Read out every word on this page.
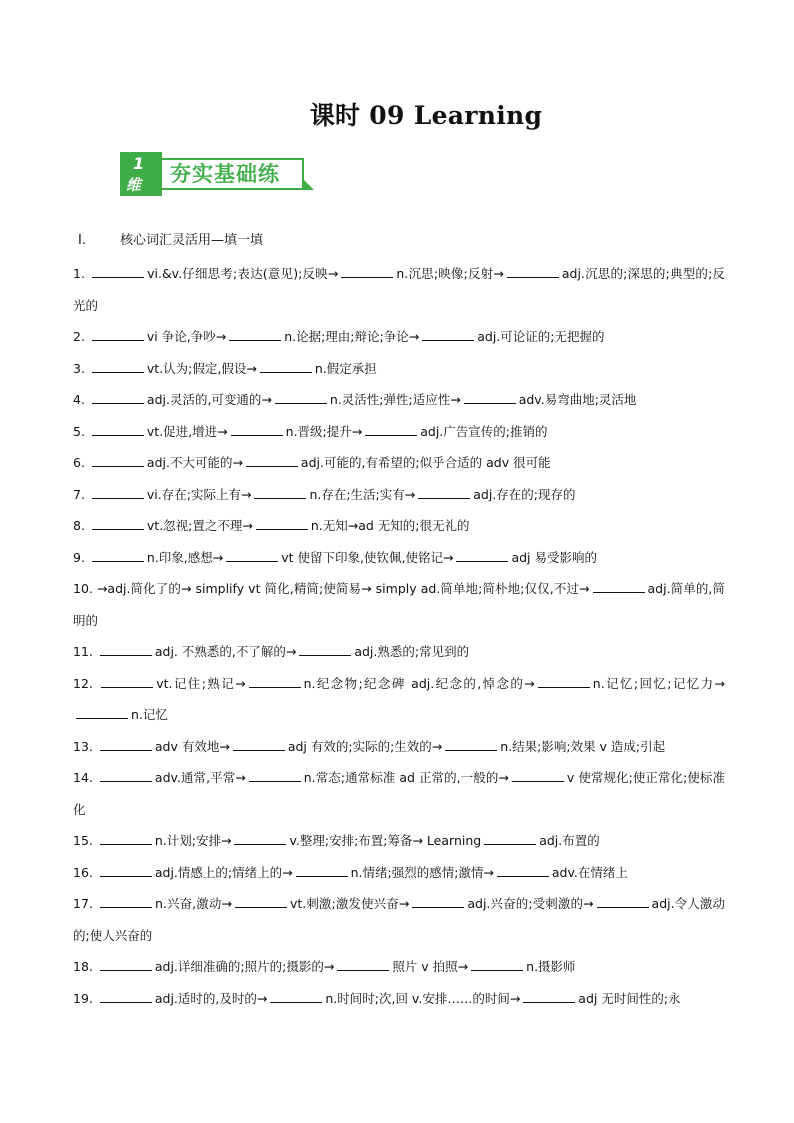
课时 09 Learning
1
维	夯实基础练
I.	核心词汇灵活用—填一填

1.	vi.&v.仔细思考;表达(意见);反映→	n.沉思;映像;反射→	adj.沉思的;深思的;典型的;反光的

2.	vi 争论,争吵→	n.论据;理由;辩论;争论→	adj.可论证的;无把握的

3.	vt.认为;假定,假设→	n.假定承担

4.	adj.灵活的,可变通的→	n.灵活性;弹性;适应性→	adv.易弯曲地;灵活地

5.	vt.促进,增进→	n.晋级;提升→	adj.广告宣传的;推销的

6.	adj.不大可能的→	adj.可能的,有希望的;似乎合适的 adv 很可能

7.	vi.存在;实际上有→	n.存在;生活;实有→	adj.存在的;现存的

8.	vt.忽视;置之不理→	n.无知→ad 无知的;很无礼的

9.	n.印象,感想→	vt 使留下印象,使钦佩,使铭记→	adj 易受影响的

10. →adj.简化了的→ simplify vt 简化,精简;使简易→ simply ad.简单地;简朴地;仅仅,不过→	adj.简单的,简明的

11.	adj. 不熟悉的,不了解的→	adj.熟悉的;常见到的

12.	vt.记住;熟记→	n.纪念物;纪念碑 adj.纪念的,悼念的→	n.记忆;回忆;记忆力→n.记忆

13.	adv 有效地→	adj 有效的;实际的;生效的→	n.结果;影响;效果 v 造成;引起

14.	adv.通常,平常→	n.常态;通常标准 ad 正常的,一般的→	v 使常规化;使正常化;使标准化

15.	n.计划;安排→	v.整理;安排;布置;筹备→ Learning	adj.布置的

16.	adj.情感上的;情绪上的→	n.情绪;强烈的感情;激情→	adv.在情绪上

17.	n.兴奋,激动→	vt.刺激;激发使兴奋→	adj.兴奋的;受刺激的→	adj.令人激动的;使人兴奋的

18.	adj.详细准确的;照片的;摄影的→	照片 v 拍照→	n.摄影师

19.	adj.适时的,及时的→	n.时间时;次,回 v.安排……的时间→	adj 无时间性的;永
